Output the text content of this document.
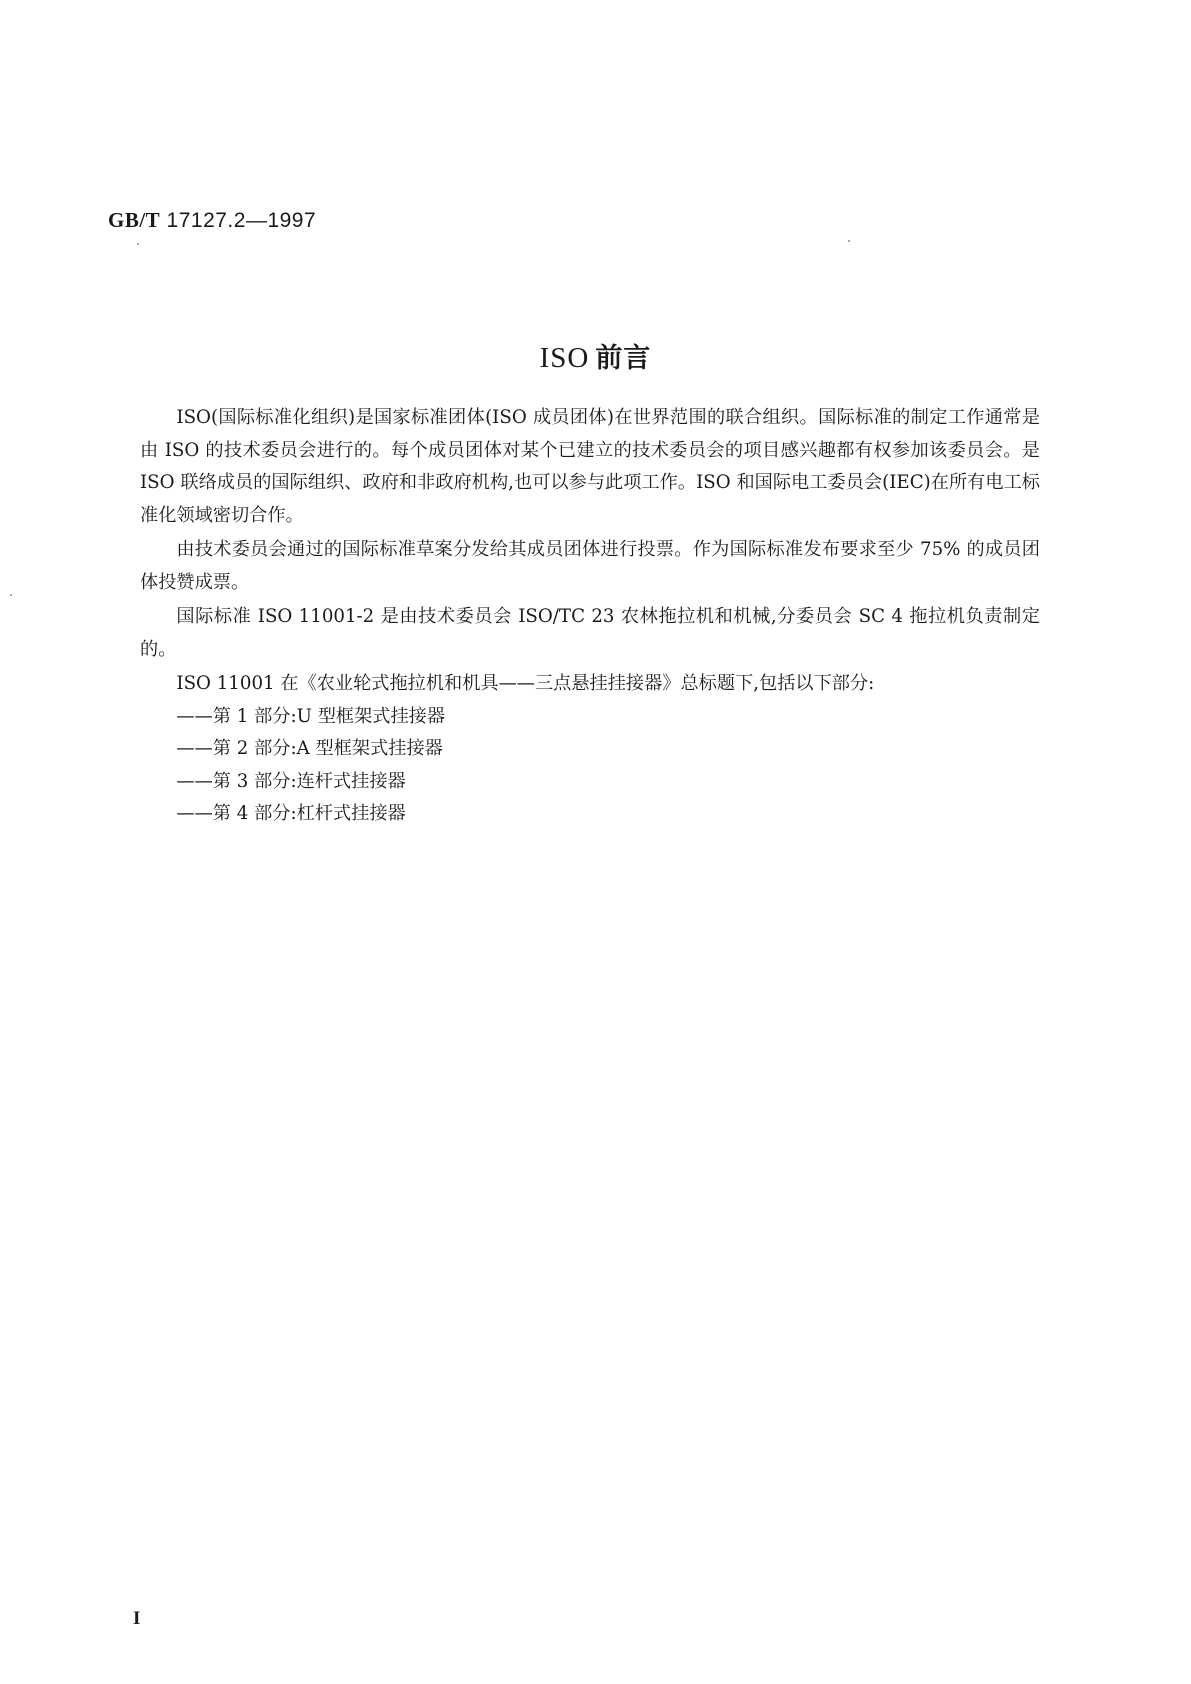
GB/T 17127.2—1997
ISO 前言

ISO(国际标准化组织)是国家标准团体(ISO 成员团体)在世界范围的联合组织。国际标准的制定工作通常是由 ISO 的技术委员会进行的。每个成员团体对某个已建立的技术委员会的项目感兴趣都有权参加该委员会。是 ISO 联络成员的国际组织、政府和非政府机构,也可以参与此项工作。ISO 和国际电工委员会(IEC)在所有电工标准化领域密切合作。

由技术委员会通过的国际标准草案分发给其成员团体进行投票。作为国际标准发布要求至少 75% 的成员团体投赞成票。

国际标准 ISO 11001-2 是由技术委员会 ISO/TC 23 农林拖拉机和机械,分委员会 SC 4 拖拉机负责制定的。

ISO 11001 在《农业轮式拖拉机和机具——三点悬挂挂接器》总标题下,包括以下部分:

——第 1 部分:U 型框架式挂接器
——第 2 部分:A 型框架式挂接器
——第 3 部分:连杆式挂接器
——第 4 部分:杠杆式挂接器
I
